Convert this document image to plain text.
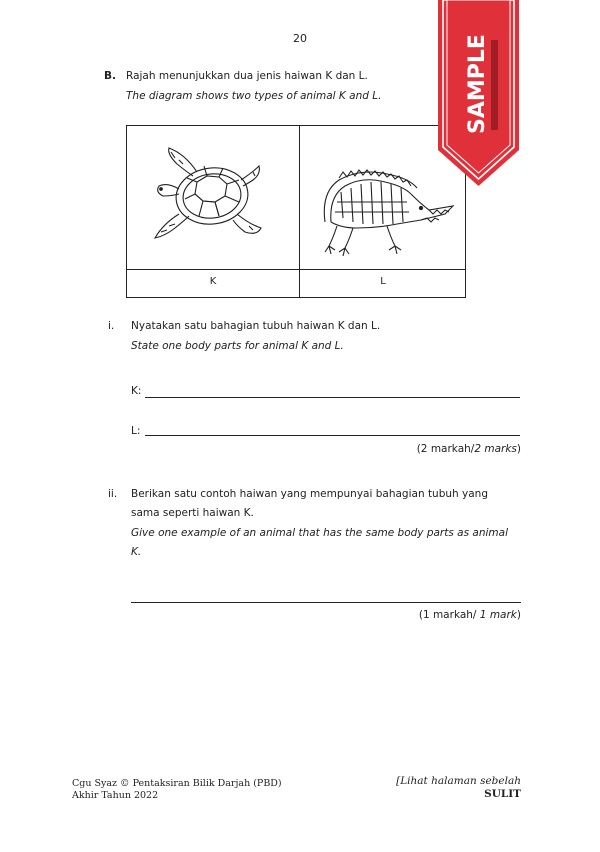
20
B. Rajah menunjukkan dua jenis haiwan K dan L.
The diagram shows two types of animal K and L.
K	L
i. Nyatakan satu bahagian tubuh haiwan K dan L.
State one body parts for animal K and L.
K:
L:
(2 markah/2 marks)
ii. Berikan satu contoh haiwan yang mempunyai bahagian tubuh yang
sama seperti haiwan K.
Give one example of an animal that has the same body parts as animal
K.
(1 markah/ 1 mark)
Cgu Syaz © Pentaksiran Bilik Darjah (PBD)
Akhir Tahun 2022
[Lihat halaman sebelah
SULIT
SAMPLE
